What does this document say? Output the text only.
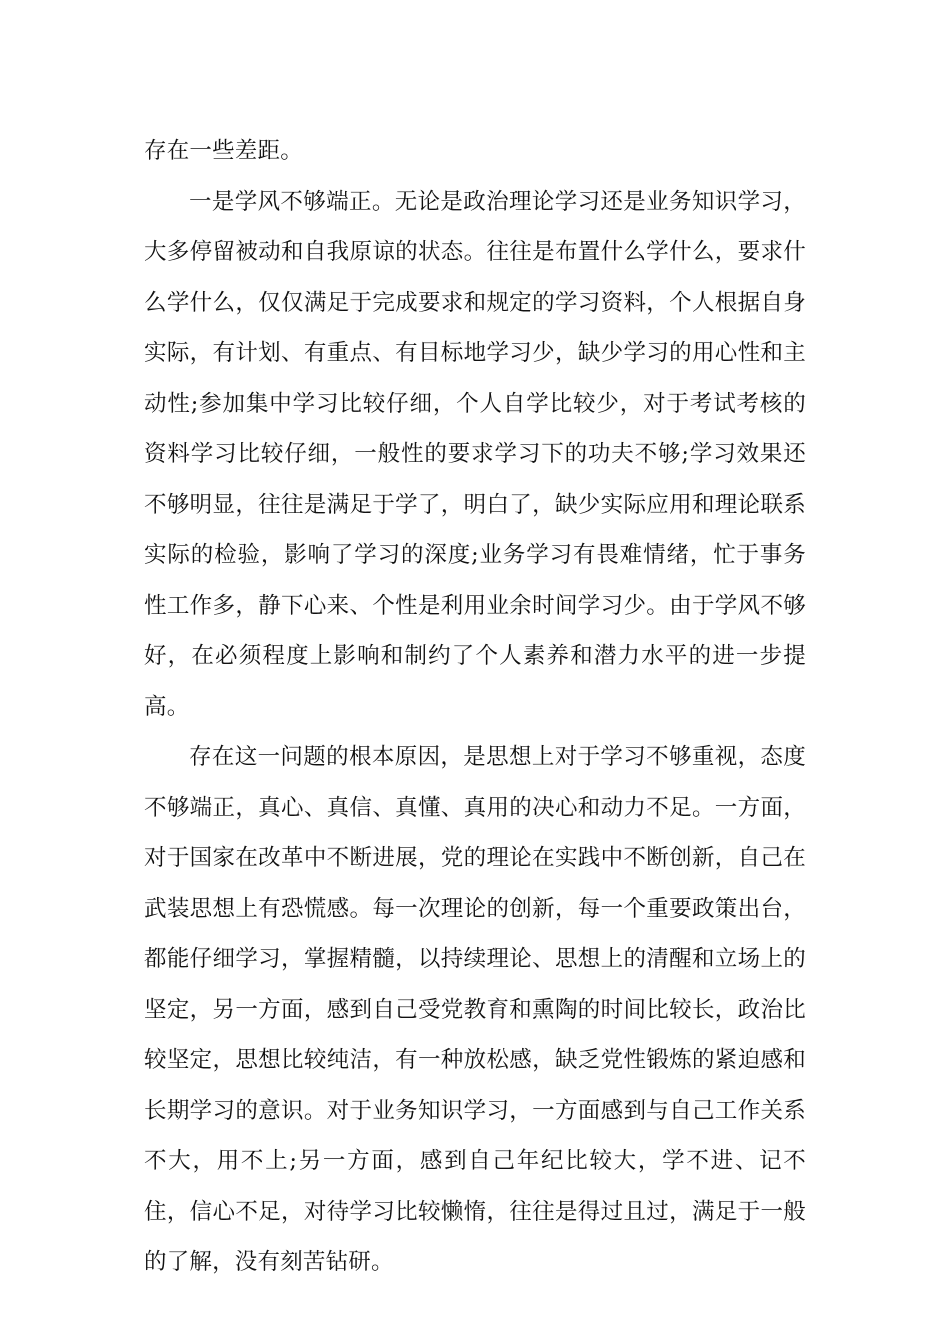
存在一些差距。

一是学风不够端正。无论是政治理论学习还是业务知识学习，大多停留被动和自我原谅的状态。往往是布置什么学什么，要求什么学什么，仅仅满足于完成要求和规定的学习资料，个人根据自身实际，有计划、有重点、有目标地学习少，缺少学习的用心性和主动性;参加集中学习比较仔细，个人自学比较少，对于考试考核的资料学习比较仔细，一般性的要求学习下的功夫不够;学习效果还不够明显，往往是满足于学了，明白了，缺少实际应用和理论联系实际的检验，影响了学习的深度;业务学习有畏难情绪，忙于事务性工作多，静下心来、个性是利用业余时间学习少。由于学风不够好，在必须程度上影响和制约了个人素养和潜力水平的进一步提高。

存在这一问题的根本原因，是思想上对于学习不够重视，态度不够端正，真心、真信、真懂、真用的决心和动力不足。一方面，对于国家在改革中不断进展，党的理论在实践中不断创新，自己在武装思想上有恐慌感。每一次理论的创新，每一个重要政策出台，都能仔细学习，掌握精髓，以持续理论、思想上的清醒和立场上的坚定，另一方面，感到自己受党教育和熏陶的时间比较长，政治比较坚定，思想比较纯洁，有一种放松感，缺乏党性锻炼的紧迫感和长期学习的意识。对于业务知识学习，一方面感到与自己工作关系不大，用不上;另一方面，感到自己年纪比较大，学不进、记不住，信心不足，对待学习比较懒惰，往往是得过且过，满足于一般的了解，没有刻苦钻研。
